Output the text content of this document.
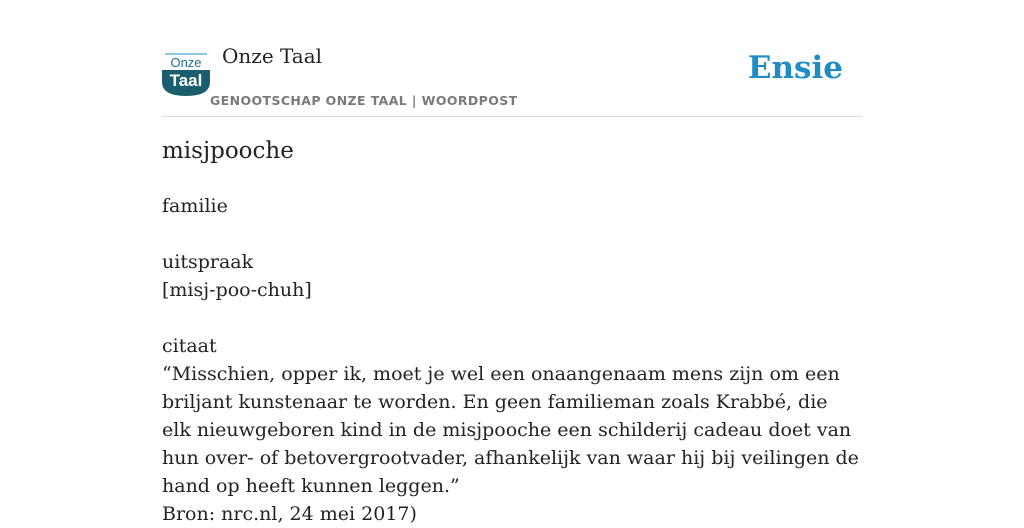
Onze
Taal
Onze Taal
GENOOTSCHAP ONZE TAAL | WOORDPOST
Ensie
misjpooche

familie

uitspraak

[misj-poo-chuh]

citaat

“Misschien, opper ik, moet je wel een onaangenaam mens zijn om een briljant kunstenaar te worden. En geen familieman zoals Krabbé, die elk nieuwgeboren kind in de misjpooche een schilderij cadeau doet van hun over- of betovergrootvader, afhankelijk van waar hij bij veilingen de hand op heeft kunnen leggen.”

Bron: nrc.nl, 24 mei 2017)
